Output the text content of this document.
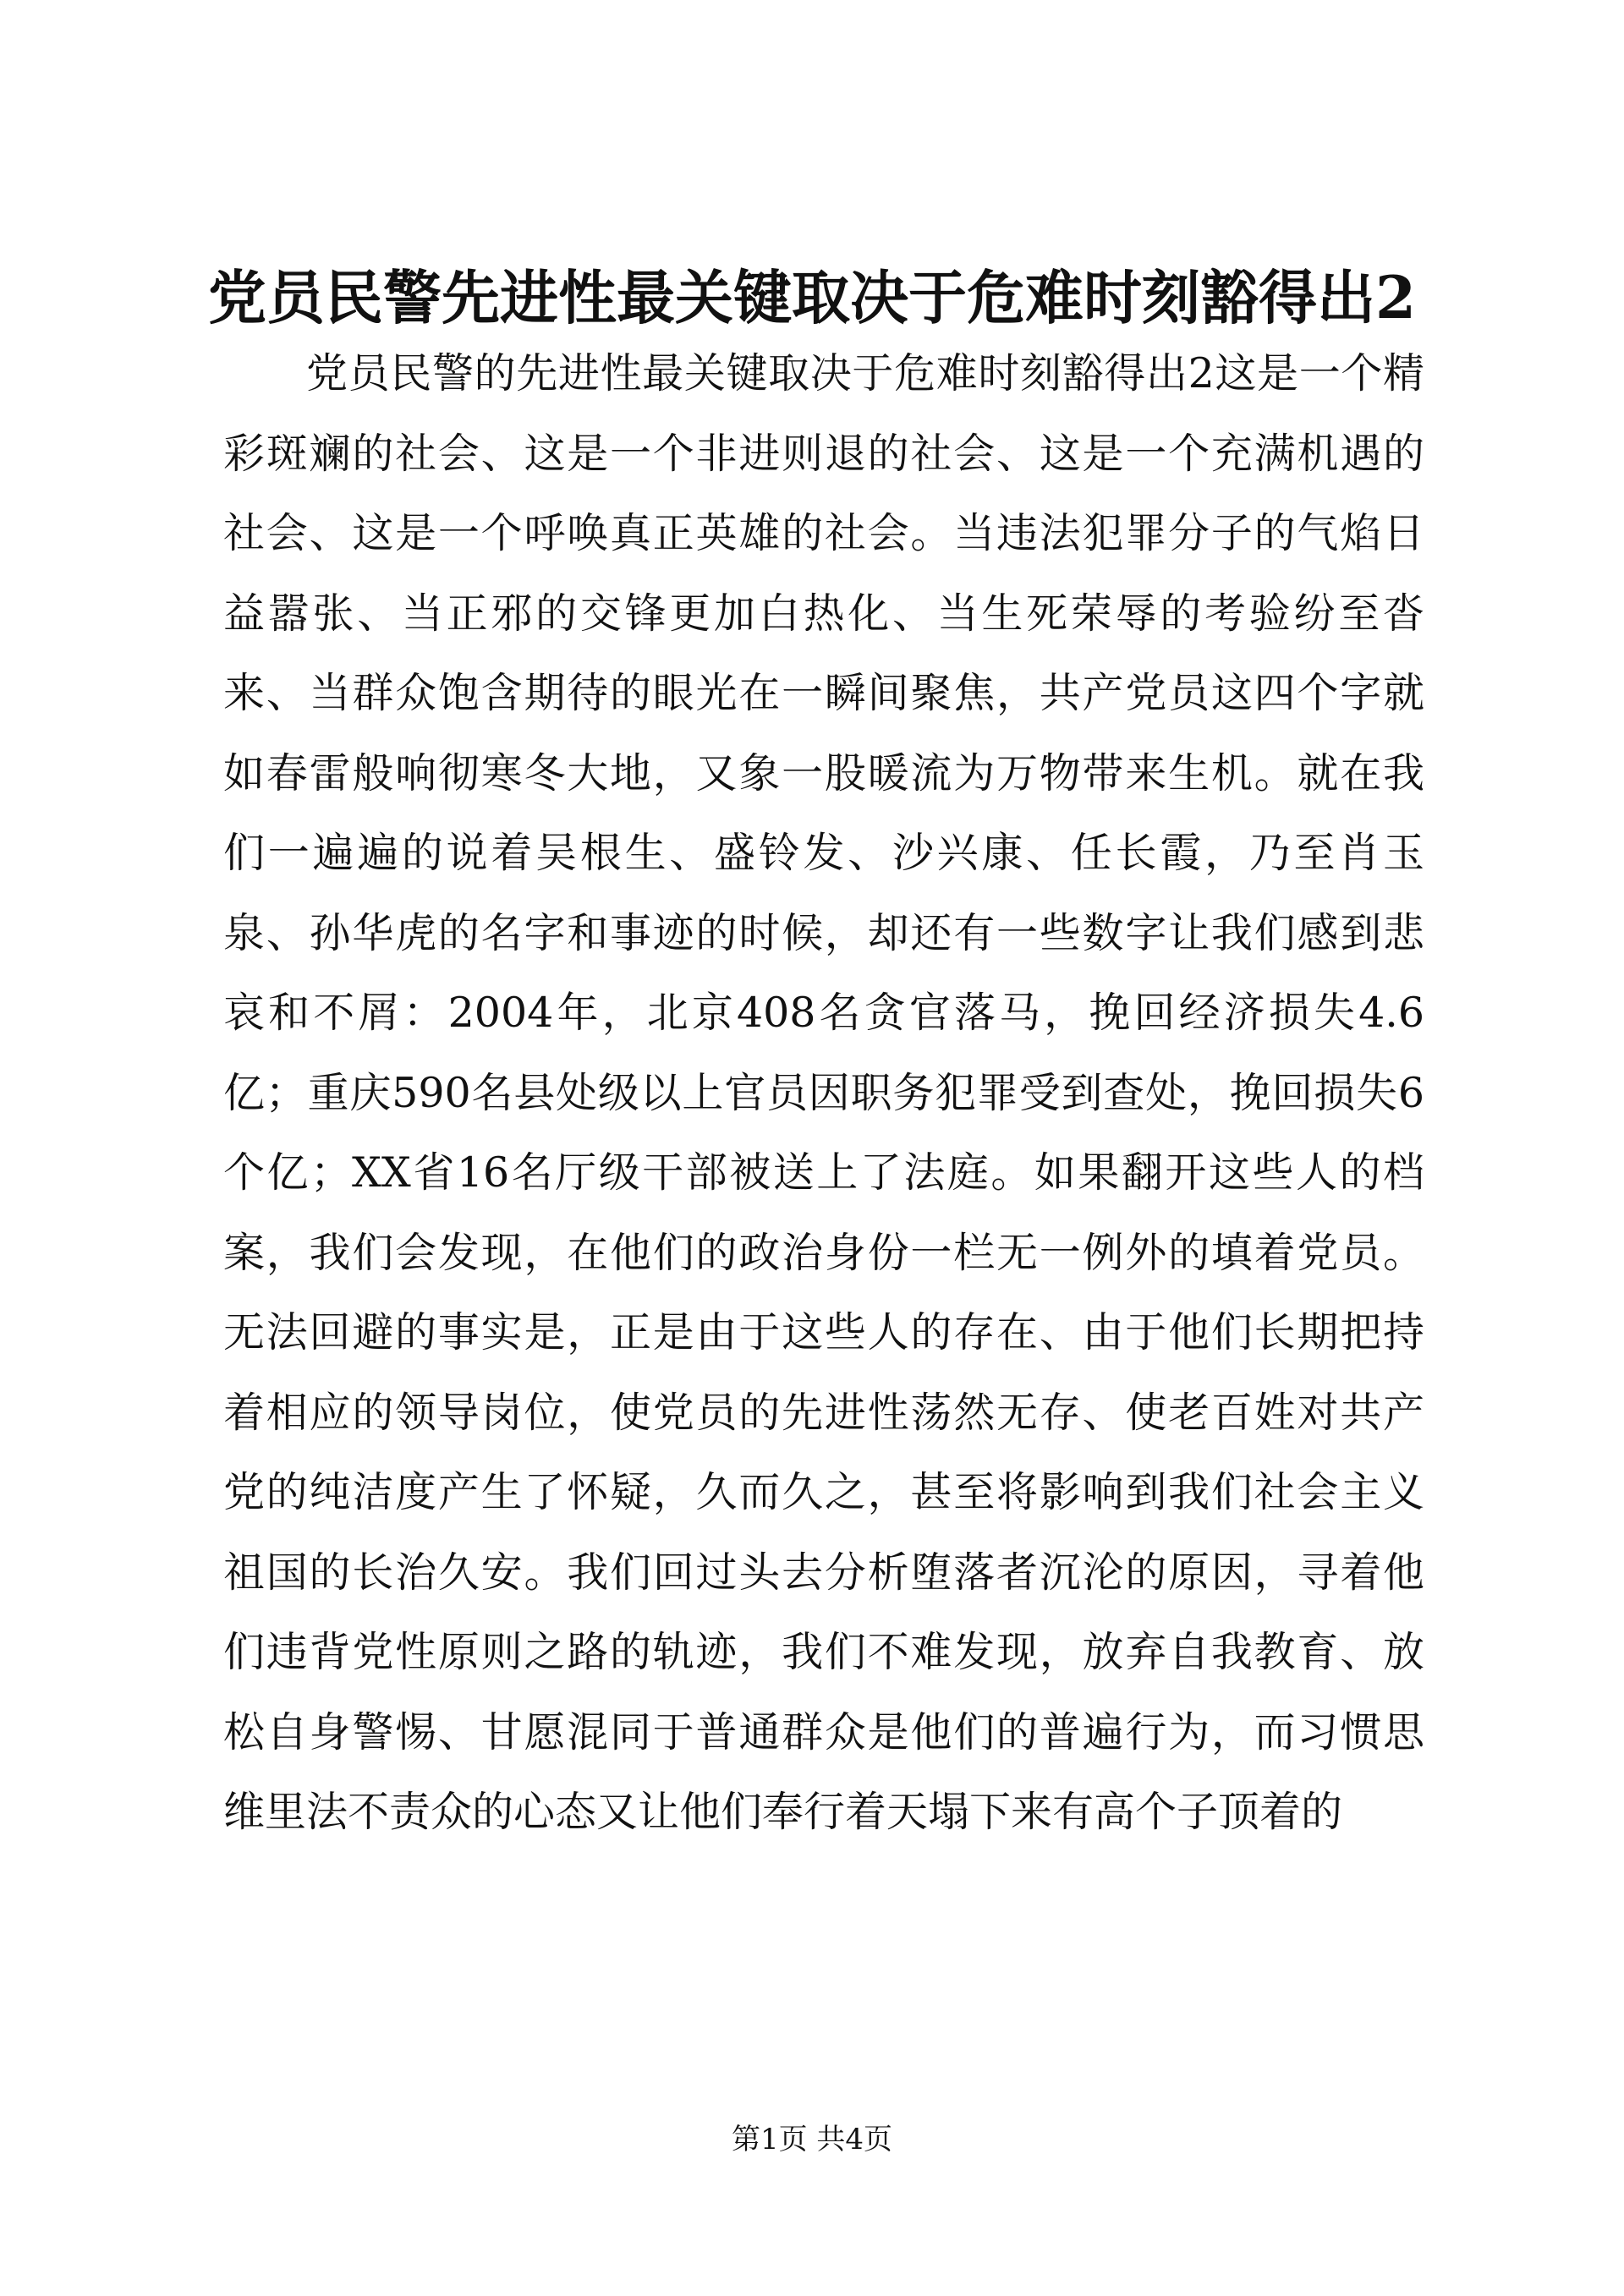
党员民警先进性最关键取决于危难时刻豁得出2

党员民警的先进性最关键取决于危难时刻豁得出2这是一个精彩斑斓的社会、这是一个非进则退的社会、这是一个充满机遇的社会、这是一个呼唤真正英雄的社会。当违法犯罪分子的气焰日益嚣张、当正邪的交锋更加白热化、当生死荣辱的考验纷至沓来、当群众饱含期待的眼光在一瞬间聚焦，共产党员这四个字就如春雷般响彻寒冬大地，又象一股暖流为万物带来生机。就在我们一遍遍的说着吴根生、盛铃发、沙兴康、任长霞，乃至肖玉泉、孙华虎的名字和事迹的时候，却还有一些数字让我们感到悲哀和不屑：2004年，北京408名贪官落马，挽回经济损失4.6亿；重庆590名县处级以上官员因职务犯罪受到查处，挽回损失6个亿；XX省16名厅级干部被送上了法庭。如果翻开这些人的档案，我们会发现，在他们的政治身份一栏无一例外的填着党员。无法回避的事实是，正是由于这些人的存在、由于他们长期把持着相应的领导岗位，使党员的先进性荡然无存、使老百姓对共产党的纯洁度产生了怀疑，久而久之，甚至将影响到我们社会主义祖国的长治久安。我们回过头去分析堕落者沉沦的原因，寻着他们违背党性原则之路的轨迹，我们不难发现，放弃自我教育、放松自身警惕、甘愿混同于普通群众是他们的普遍行为，而习惯思维里法不责众的心态又让他们奉行着天塌下来有高个子顶着的

第1页 共4页
